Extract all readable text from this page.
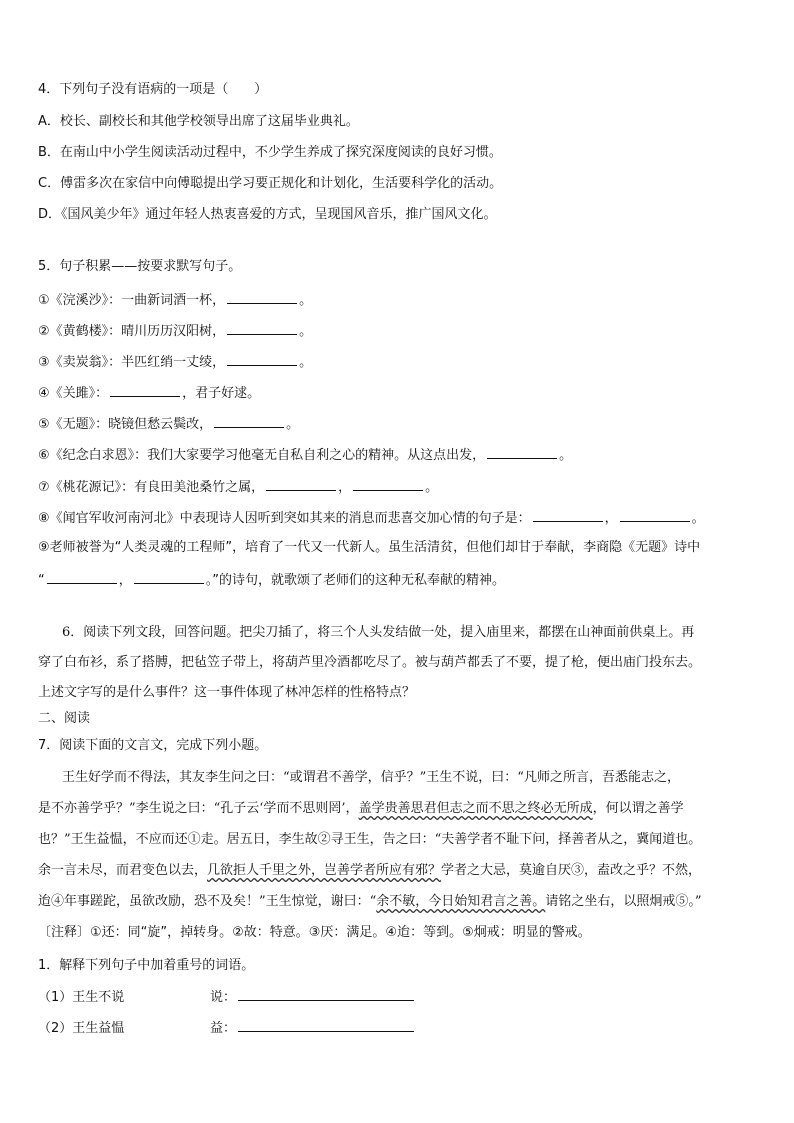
4．下列句子没有语病的一项是（　　）
A．校长、副校长和其他学校领导出席了这届毕业典礼。
B．在南山中小学生阅读活动过程中，不少学生养成了探究深度阅读的良好习惯。
C．傅雷多次在家信中向傅聪提出学习要正规化和计划化，生活要科学化的活动。
D．《国风美少年》通过年轻人热衷喜爱的方式，呈现国风音乐，推广国风文化。
5．句子积累——按要求默写句子。
①《浣溪沙》：一曲新词酒一杯，	。
②《黄鹤楼》：晴川历历汉阳树，	。
③《卖炭翁》：半匹红绡一丈绫，	。
④《关雎》：	，君子好逑。
⑤《无题》：晓镜但愁云鬓改，	。
⑥《纪念白求恩》：我们大家要学习他毫无自私自利之心的精神。从这点出发，	。
⑦《桃花源记》：有良田美池桑竹之属，	，	。
⑧《闻官军收河南河北》中表现诗人因听到突如其来的消息而悲喜交加心情的句子是：	，	。
⑨老师被誉为“人类灵魂的工程师”，培育了一代又一代新人。虽生活清贫，但他们却甘于奉献，李商隐《无题》诗中
“	，	。”的诗句，就歌颂了老师们的这种无私奉献的精神。
6．阅读下列文段，回答问题。把尖刀插了，将三个人头发结做一处，提入庙里来，都摆在山神面前供桌上。再
穿了白布衫，系了搭膊，把毡笠子带上，将葫芦里冷酒都吃尽了。被与葫芦都丢了不要，提了枪，便出庙门投东去。
上述文字写的是什么事件？这一事件体现了林冲怎样的性格特点？
二、阅读
7．阅读下面的文言文，完成下列小题。
王生好学而不得法，其友李生问之曰：“或谓君不善学，信乎？”王生不说，曰：“凡师之所言，吾悉能志之，
是不亦善学乎？”李生说之曰：“孔子云‘学而不思则罔’，盖学贵善思君但志之而不思之终必无所成，何以谓之善学
也？”王生益愠，不应而还①走。居五日，李生故②寻王生，告之曰：“夫善学者不耻下问，择善者从之，冀闻道也。
余一言未尽，而君变色以去，几欲拒人千里之外，岂善学者所应有邪？学者之大忌，莫逾自厌③，盍改之乎？不然，
迨④年事蹉跎，虽欲改励，恐不及矣！”王生惊觉，谢曰：“余不敏，今日始知君言之善。请铭之坐右，以照炯戒⑤。”
〔注释〕①还：同“旋”，掉转身。②故：特意。③厌：满足。④迨：等到。⑤炯戒：明显的警戒。
1．解释下列句子中加着重号的词语。
（1）王生不说	说：
（2）王生益愠	益：
